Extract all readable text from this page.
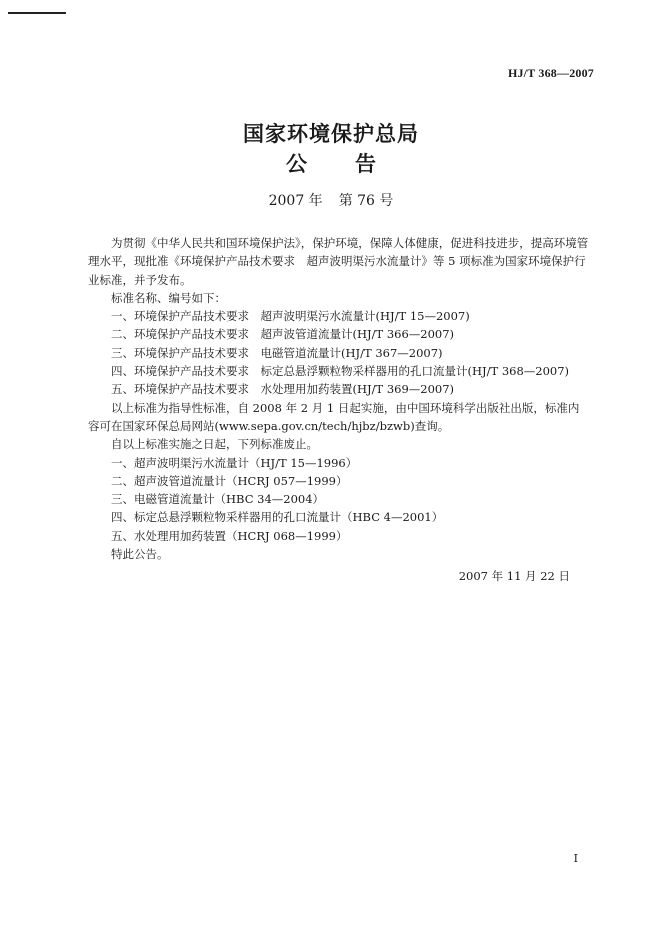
HJ/T 368—2007
国家环境保护总局
公告
2007 年 第 76 号

为贯彻《中华人民共和国环境保护法》，保护环境，保障人体健康，促进科技进步，提高环境管理水平，现批准《环境保护产品技术要求　超声波明渠污水流量计》等 5 项标准为国家环境保护行业标准，并予发布。

标准名称、编号如下：

一、环境保护产品技术要求　超声波明渠污水流量计(HJ/T 15—2007)

二、环境保护产品技术要求　超声波管道流量计(HJ/T 366—2007)

三、环境保护产品技术要求　电磁管道流量计(HJ/T 367—2007)

四、环境保护产品技术要求　标定总悬浮颗粒物采样器用的孔口流量计(HJ/T 368—2007)

五、环境保护产品技术要求　水处理用加药装置(HJ/T 369—2007)

以上标准为指导性标准，自 2008 年 2 月 1 日起实施，由中国环境科学出版社出版，标准内容可在国家环保总局网站(www.sepa.gov.cn/tech/hjbz/bzwb)查询。

自以上标准实施之日起，下列标准废止。

一、超声波明渠污水流量计（HJ/T 15—1996）

二、超声波管道流量计（HCRJ 057—1999）

三、电磁管道流量计（HBC 34—2004）

四、标定总悬浮颗粒物采样器用的孔口流量计（HBC 4—2001）

五、水处理用加药装置（HCRJ 068—1999）

特此公告。

2007 年 11 月 22 日
Ⅰ
